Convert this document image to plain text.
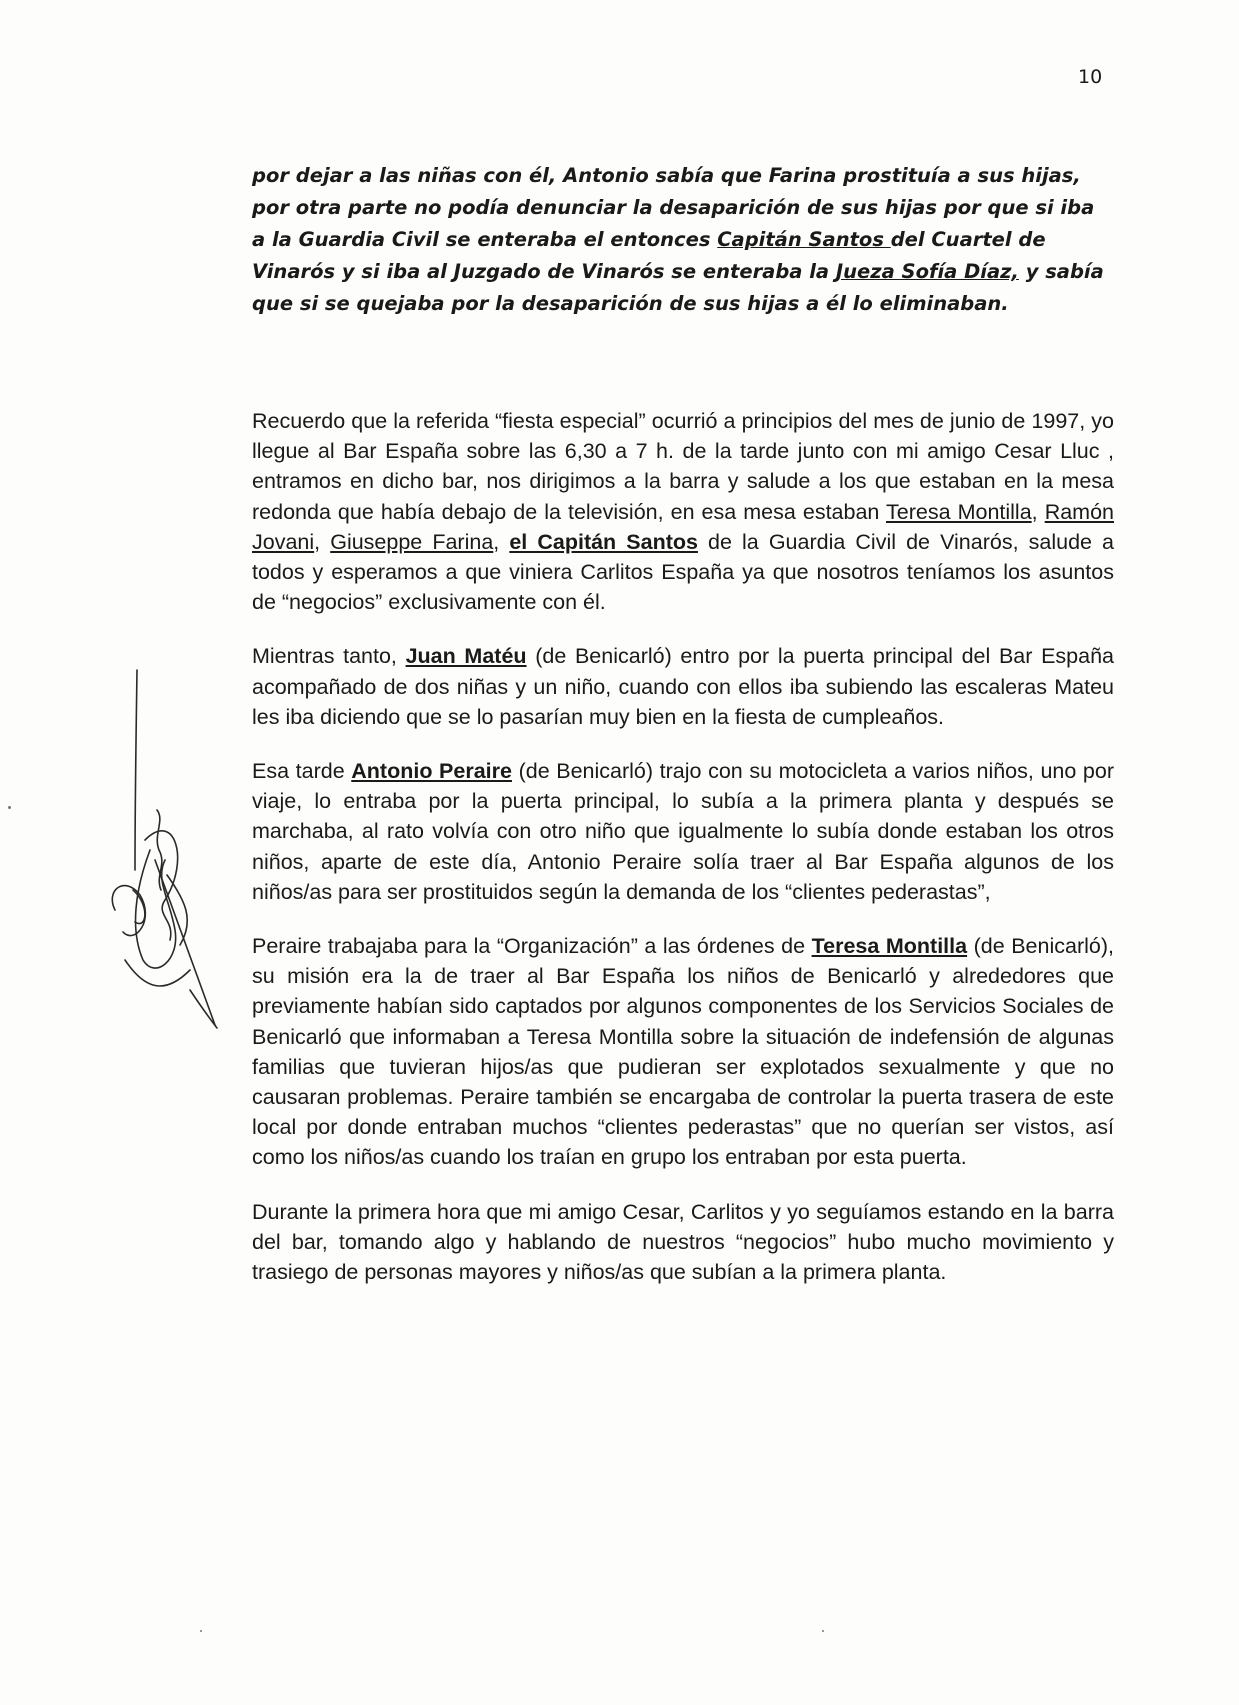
10

por dejar a las niñas con él, Antonio sabía que Farina prostituía a sus hijas, por otra parte no podía denunciar la desaparición de sus hijas por que si iba a la Guardia Civil se enteraba el entonces Capitán Santos del Cuartel de Vinarós y si iba al Juzgado de Vinarós se enteraba la Jueza Sofía Díaz, y sabía que si se quejaba por la desaparición de sus hijas a él lo eliminaban.

Recuerdo que la referida “fiesta especial” ocurrió a principios del mes de junio de 1997, yo llegue al Bar España sobre las 6,30 a 7 h. de la tarde junto con mi amigo Cesar Lluc , entramos en dicho bar, nos dirigimos a la barra y salude a los que estaban en la mesa redonda que había debajo de la televisión, en esa mesa estaban Teresa Montilla, Ramón Jovani, Giuseppe Farina, el Capitán Santos de la Guardia Civil de Vinarós, salude a todos y esperamos a que viniera Carlitos España ya que nosotros teníamos los asuntos de “negocios” exclusivamente con él.

Mientras tanto, Juan Matéu (de Benicarló) entro por la puerta principal del Bar España acompañado de dos niñas y un niño, cuando con ellos iba subiendo las escaleras Mateu les iba diciendo que se lo pasarían muy bien en la fiesta de cumpleaños.

Esa tarde Antonio Peraire (de Benicarló) trajo con su motocicleta a varios niños, uno por viaje, lo entraba por la puerta principal, lo subía a la primera planta y después se marchaba, al rato volvía con otro niño que igualmente lo subía donde estaban los otros niños, aparte de este día, Antonio Peraire solía traer al Bar España algunos de los niños/as para ser prostituidos según la demanda de los “clientes pederastas”,

Peraire trabajaba para la “Organización” a las órdenes de Teresa Montilla (de Benicarló), su misión era la de traer al Bar España los niños de Benicarló y alrededores que previamente habían sido captados por algunos componentes de los Servicios Sociales de Benicarló que informaban a Teresa Montilla sobre la situación de indefensión de algunas familias que tuvieran hijos/as que pudieran ser explotados sexualmente y que no causaran problemas. Peraire también se encargaba de controlar la puerta trasera de este local por donde entraban muchos “clientes pederastas” que no querían ser vistos, así como los niños/as cuando los traían en grupo los entraban por esta puerta.

Durante la primera hora que mi amigo Cesar, Carlitos y yo seguíamos estando en la barra del bar, tomando algo y hablando de nuestros “negocios” hubo mucho movimiento y trasiego de personas mayores y niños/as que subían a la primera planta.
